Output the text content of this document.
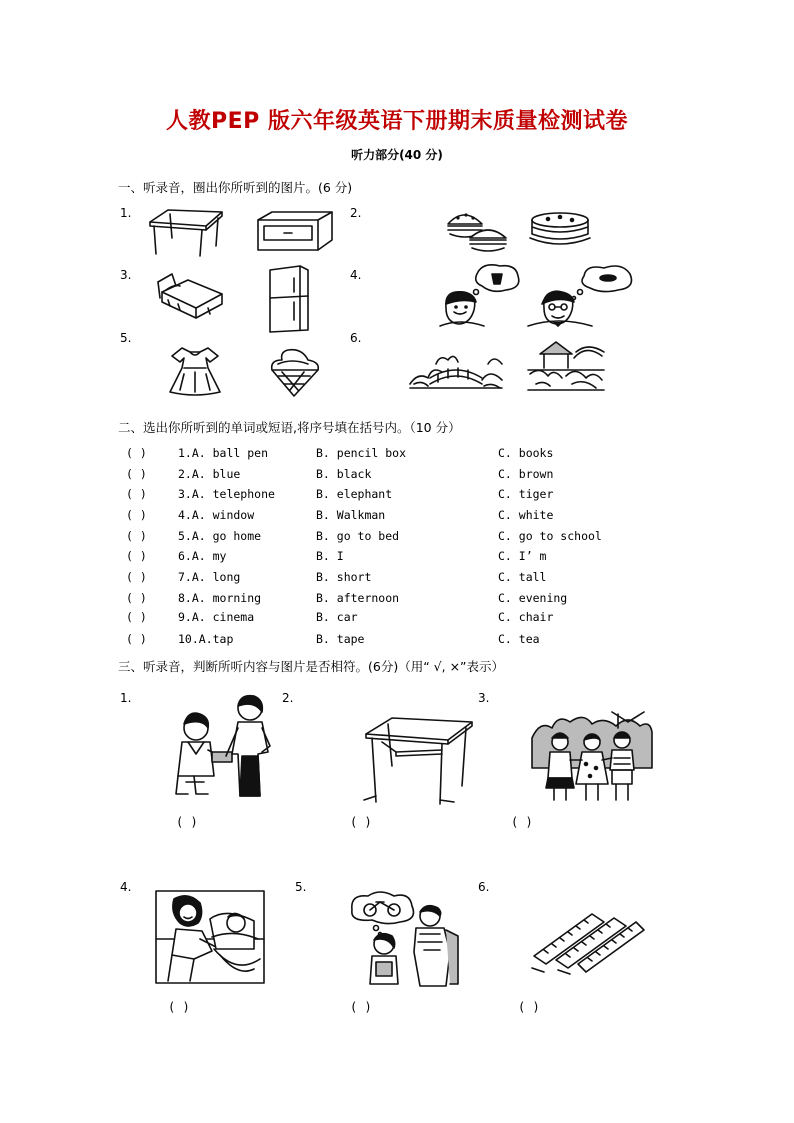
人教PEP 版六年级英语下册期末质量检测试卷
听力部分(40 分)
一、听录音，圈出你所听到的图片。(6 分)
1.	2.
3.	4.
5.	6.
二、选出你所听到的单词或短语,将序号填在括号内。（10 分）
( )	1.A. ball pen	B. pencil box	C. books
( )	2.A. blue	B. black	C. brown
( )	3.A. telephone	B. elephant	C. tiger
( )	4.A. window	B. Walkman	C. white
( )	5.A. go home	B. go to bed	C. go to school
( )	6.A. my	B. I	C. I’ m
( )	7.A. long	B. short	C. tall
( )	8.A. morning	B. afternoon	C. evening
( )	9.A. cinema	B. car	C. chair
( )	10.A.tap	B. tape	C. tea
三、听录音，判断所听内容与图片是否相符。(6分)（用“ √, ×”表示）
1.	2.	3.
4.	5.	6.
( )	( )	( )
( )	( )	( )
